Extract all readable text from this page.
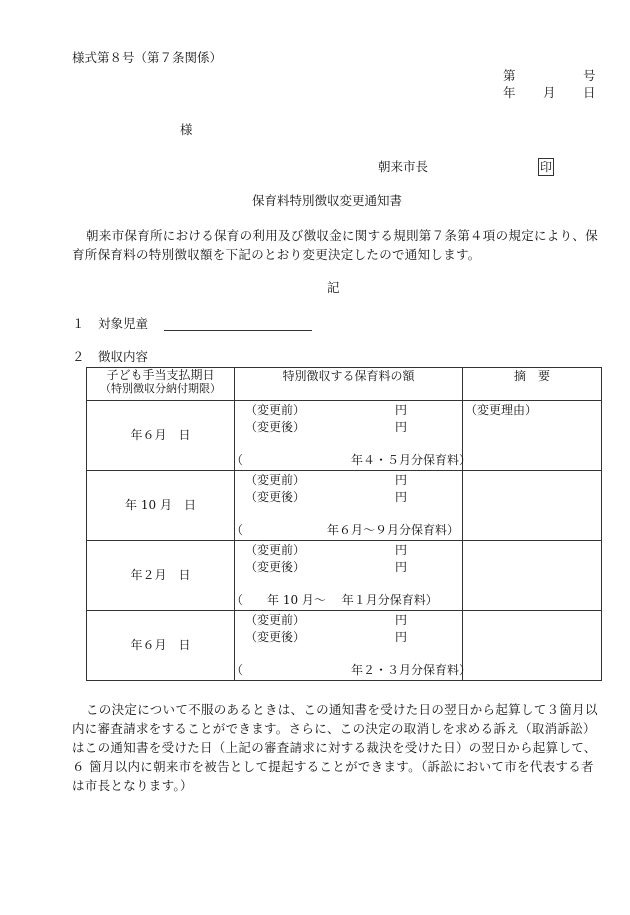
様式第８号（第７条関係）
第	号
年 月 日
様
朝来市長	印
保育料特別徴収変更通知書
朝来市保育所における保育の利用及び徴収金に関する規則第７条第４項の規定により、保育所保育料の特別徴収額を下記のとおり変更決定したので通知します。
記
１ 対象児童
２ 徴収内容
子ども手当支払期日
（特別徴収分納付期限）	特別徴収する保育料の額	摘　要
年６月　日	（変更前） 円
（変更後） 円
（　　　　　　　　　年４・５月分保育料）	（変更理由）

年 10 月　日	（変更前） 円
（変更後） 円
（　　　　　　　年６月～９月分保育料）	

年２月　日	（変更前） 円
（変更後） 円
（　　年 10 月～　 年１月分保育料）	

年６月　日	（変更前） 円
（変更後） 円
（　　　　　　　　　年２・３月分保育料）	

この決定について不服のあるときは、この通知書を受けた日の翌日から起算して３箇月以内に審査請求をすることができます。さらに、この決定の取消しを求める訴え（取消訴訟）はこの通知書を受けた日（上記の審査請求に対する裁決を受けた日）の翌日から起算して、６ 箇月以内に朝来市を被告として提起することができます。（訴訟において市を代表する者は市長となります。）
